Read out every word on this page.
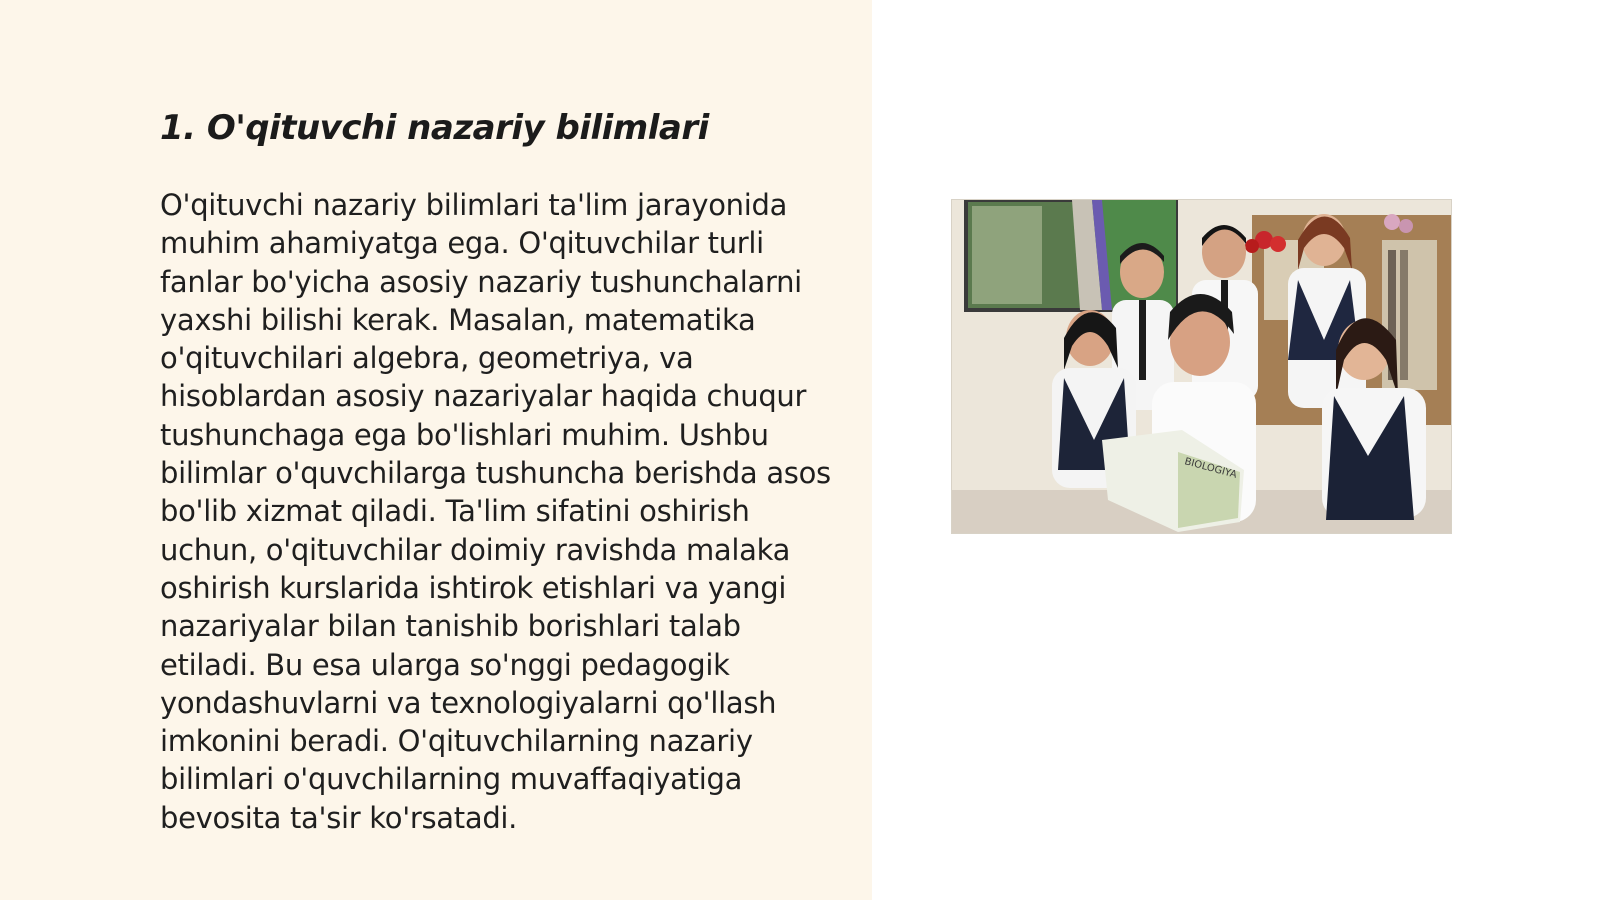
1. O'qituvchi nazariy bilimlari

O'qituvchi nazariy bilimlari ta'lim jarayonida muhim ahamiyatga ega. O'qituvchilar turli fanlar bo'yicha asosiy nazariy tushunchalarni yaxshi bilishi kerak. Masalan, matematika o'qituvchilari algebra, geometriya, va hisoblardan asosiy nazariyalar haqida chuqur tushunchaga ega bo'lishlari muhim. Ushbu bilimlar o'quvchilarga tushuncha berishda asos bo'lib xizmat qiladi. Ta'lim sifatini oshirish uchun, o'qituvchilar doimiy ravishda malaka oshirish kurslarida ishtirok etishlari va yangi nazariyalar bilan tanishib borishlari talab etiladi. Bu esa ularga so'nggi pedagogik yondashuvlarni va texnologiyalarni qo'llash imkonini beradi. O'qituvchilarning nazariy bilimlari o'quvchilarning muvaffaqiyatiga bevosita ta'sir ko'rsatadi.

BIOLOGIYA
